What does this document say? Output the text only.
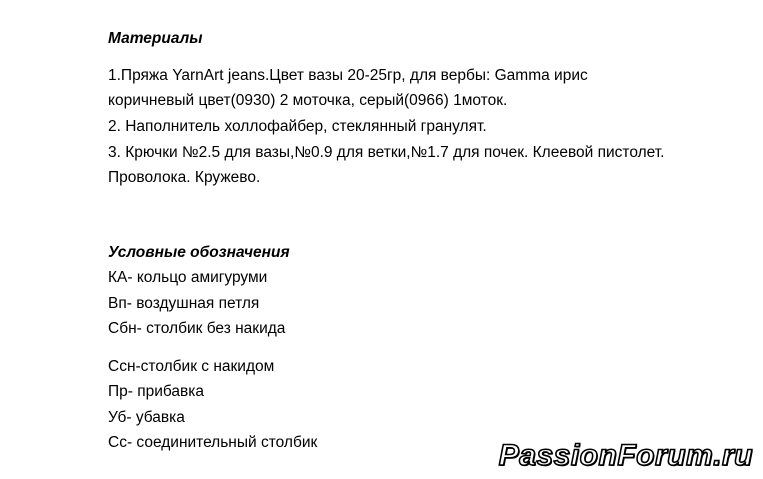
Материалы
1.Пряжа YarnArt jeans.Цвет вазы 20-25гр, для вербы: Gamma ирис
коричневый цвет(0930) 2 моточка, серый(0966) 1моток.
2. Наполнитель холлофайбер, стеклянный гранулят.
3. Крючки №2.5 для вазы,№0.9 для ветки,№1.7 для почек. Клеевой пистолет.
Проволока. Кружево.
Условные обозначения
КА- кольцо амигуруми
Вп- воздушная петля
Сбн- столбик без накида
Ссн-столбик с накидом
Пр- прибавка
Уб- убавка
Сс- соединительный столбик	PassionForum.ru
